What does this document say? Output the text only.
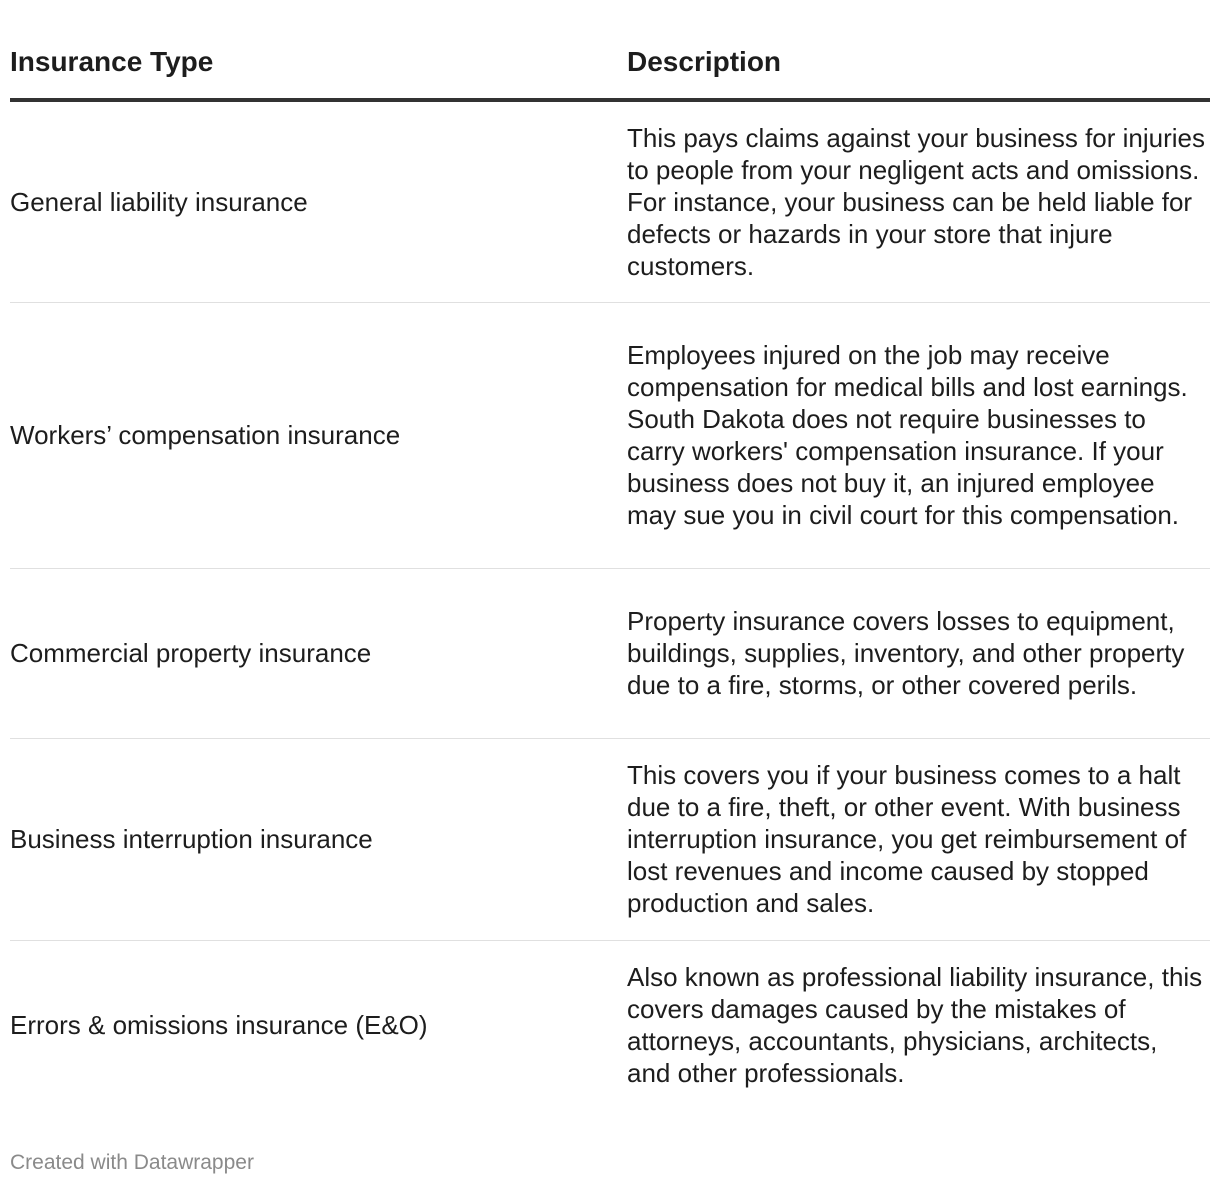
Insurance Type	Description
General liability insurance	This pays claims against your business for injuries to people from your negligent acts and omissions. For instance, your business can be held liable for defects or hazards in your store that injure customers.
Workers’ compensation insurance	Employees injured on the job may receive compensation for medical bills and lost earnings. South Dakota does not require businesses to carry workers' compensation insurance. If your business does not buy it, an injured employee may sue you in civil court for this compensation.
Commercial property insurance	Property insurance covers losses to equipment, buildings, supplies, inventory, and other property due to a fire, storms, or other covered perils.
Business interruption insurance	This covers you if your business comes to a halt due to a fire, theft, or other event. With business interruption insurance, you get reimbursement of lost revenues and income caused by stopped production and sales.
Errors & omissions insurance (E&O)	Also known as professional liability insurance, this covers damages caused by the mistakes of attorneys, accountants, physicians, architects, and other professionals.
Created with Datawrapper
